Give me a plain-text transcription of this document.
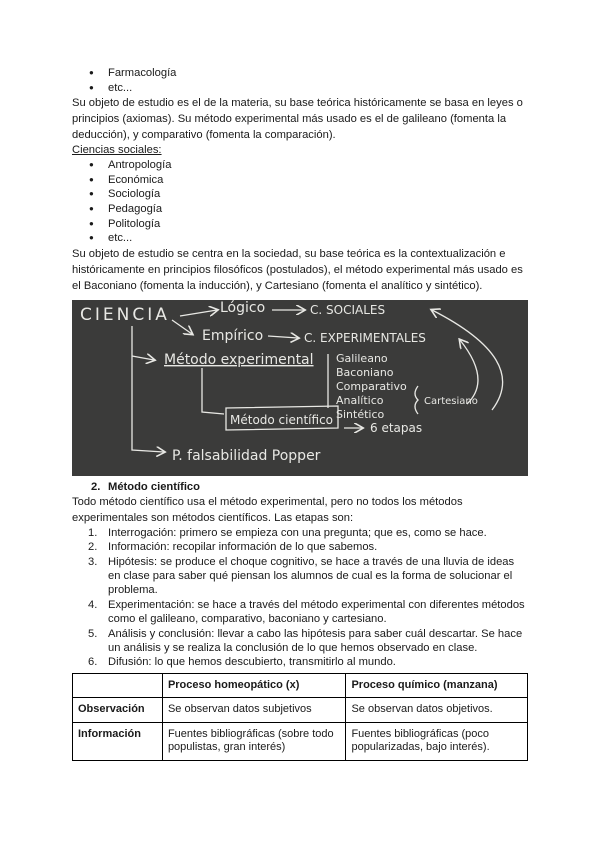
● Farmacología
● etc...

Su objeto de estudio es el de la materia, su base teórica históricamente se basa en leyes o principios (axiomas). Su método experimental más usado es el de galileano (fomenta la deducción), y comparativo (fomenta la comparación).

Ciencias sociales:
● Antropología
● Económica
● Sociología
● Pedagogía
● Politología
● etc...

Su objeto de estudio se centra en la sociedad, su base teórica es la contextualización e históricamente en principios filosóficos (postulados), el método experimental más usado es el Baconiano (fomenta la inducción), y Cartesiano (fomenta el analítico y sintético).

CIENCIA	Lógico	C. SOCIALES
Empírico	C. EXPERIMENTALES
Método experimental Galileano
Baconiano
Comparativo
Analítico
Sintético
Cartesiano
Método científico
6 etapas
P. falsabilidad Popper
2. Método científico

Todo método científico usa el método experimental, pero no todos los métodos experimentales son métodos científicos. Las etapas son:

1. Interrogación: primero se empieza con una pregunta; que es, como se hace.
2. Información: recopilar información de lo que sabemos.
3. Hipótesis: se produce el choque cognitivo, se hace a través de una lluvia de ideas en clase para saber qué piensan los alumnos de cual es la forma de solucionar el problema.
4. Experimentación: se hace a través del método experimental con diferentes métodos como el galileano, comparativo, baconiano y cartesiano.
5. Análisis y conclusión: llevar a cabo las hipótesis para saber cuál descartar. Se hace un análisis y se realiza la conclusión de lo que hemos observado en clase.
6. Difusión: lo que hemos descubierto, transmitirlo al mundo.
	Proceso homeopático (x)	Proceso químico (manzana)
Observación	Se observan datos subjetivos	Se observan datos objetivos.
Información	Fuentes bibliográficas (sobre todo populistas, gran interés)	Fuentes bibliográficas (poco popularizadas, bajo interés).
